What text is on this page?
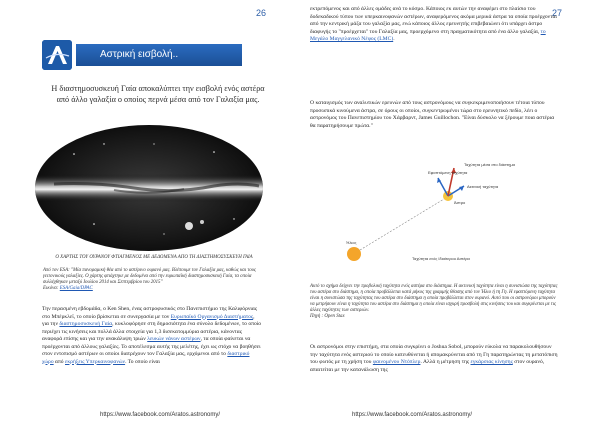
26
Αστρική εισβολή..
Η διαστημοσυσκευή Γαία αποκαλύπτει την εισβολή ενός αστέρα από άλλο γαλαξία ο οποίος περνά μέσα από τον Γαλαξία μας.
Ο ΧΑΡΤΗΣ ΤΟΥ ΟΥΡΑΝΟΥ ΦΤΙΑΓΜΕΝΟΣ ΜΕ ΔΕΔΟΜΕΝΑ ΑΠΟ ΤΗ ΔΙΑΣΤΗΜΟΣΥΣΚΕΥΗ ΓΑΙΑ
Από τον ESA: "Μία πανοραμική θέα από το αστέρινο ουρανό μας. Βλέπουμε τον Γαλαξία μας, καθώς και τους γειτονικούς γαλαξίες. Ο χάρτης φτιάχτηκε με δεδομένα από την ευρωπαϊκή διαστημοσυσκευή Γαία, τα οποία συλλέχθηκαν μεταξύ Ιουλίου 2014 και Σεπτεμβρίου του 2015"
Εικόνα: ESA/Gaia/DPAC
Την περασμένη εβδομάδα, ο Ken Shen, ένας αστροφυσικός στο Πανεπιστήμιο της Καλιφόρνιας στο Μπέρκλεϊ, το οποίο βρίσκεται σε συνεργασία με τον Ευρωπαϊκό Οργανισμό Διαστήματος, για την διαστημοσυσκευή Γαία, κυκλοφόρησε στη δημοσιότητα ένα σύνολο δεδομένων, το οποίο περιέχει τις κινήσεις και πολλά άλλα στοιχεία για 1,3 δισεκατομμύρια αστέρια, κάνοντας αναφορά επίσης και για την ανακάλυψη τριών λευκών νάνων αστέρων, τα οποία φαίνεται να προέρχονται από άλλους γαλαξίες. Το αποτέλεσμα αυτής της μελέτης, έχει ως στόχο να βοηθήσει στον εντοπισμό αστέρων οι οποίοι διατρέχουν τον Γαλαξία μας, ερχόμενοι από το διαστρικό χώρο από εκρήξεις Υπερκαινοφανών. Το οποίο είναι
https://www.facebook.com/Aratos.astronomy/
27
εκτρεπόμενος και από άλλες ομάδες ανά το κόσμο. Κάποιος εκ αυτών την αναφέρει στο πλαίσιο του δοδεκαδικού τύπου των υπερκαινοφανών αστέρων, αναφερόμενος ακόμα μερικά άστρα τα οποία προέρχονται από την κεντρική μάζα του γαλαξία μας, ενώ κάποιος άλλος ερευνητής επιβεβαιώνει ότι υπάρχει άστρο διαφυγής το "προέρχεται" του Γαλαξία μας, προερχόμενο στη πραγματικότητα από ένα άλλο γαλαξία, το Μεγάλο Μαγγελανικό Νέφος (LMC).
Ο καταιγισμός των αναλυτικών ερευνών από τους αστρονόμους να συγκεκριμενοποιήσουν τέτοια τύπου προσωπικά κινούμενα άστρα, σε όρους οι οποίοι, συγκεντρωμένοι τώρα στο ερευνητικό πεδίο, λέει ο αστρονόμος του Πανεπιστημίου του Χάρβαρντ, James Guillochon. "Είναι δύσκολο να ξέρουμε ποια αστέρια θα παρατηρήσουμε πρώτα."
Ήλιος
Εφαπτόμενη ταχύτητα
Ταχύτητα μέσα στο διάστημα
Ακτινική ταχύτητα
Άστρο
Ταχύτητα ενός Ιδιαίτερου Αστέρα
Αυτό το σχήμα δείχνει την προβολική ταχύτητα ενός αστέρα στο διάστημα. Η ακτινική ταχύτητα είναι η συνιστώσα της ταχύτητας του αστέρα στο διάστημα, η οποία προβάλλεται κατά μήκος της γραμμής θέασης από τον Ήλιο ή τη Γη. Η εφαπτόμενη ταχύτητα είναι η συνιστώσα της ταχύτητας του αστέρα στο διάστημα η οποία προβάλλεται στον ουρανό. Αυτό που οι αστρονόμοι μπορούν να μετρήσουν είναι η ταχύτητα του αστέρα στο διάστημα η οποία είναι ισχυρή προσβολή στις κινήσεις του και συγκρίνεται με τις άλλες ταχύτητες των αστεριών.
Πηγή : Open Stax
Οι αστρονόμοι στην επιστήμη, στα οποία συγκρίνει ο Joshua Sobol, μπορούν εύκολα να παρακολουθήσουν την ταχύτητα ενός αστεριού το οποίο κατευθύνεται ή απομακρύνεται από τη Γη παρατηρώντας τη μετατόπιση του φωτός με τη χρήση του φαινομένου Ντόπλερ. Αλλά η μέτρηση της εγκάρσιας κίνησης στον ουρανό, απαιτείται με την κατανάλωση της
https://www.facebook.com/Aratos.astronomy/
